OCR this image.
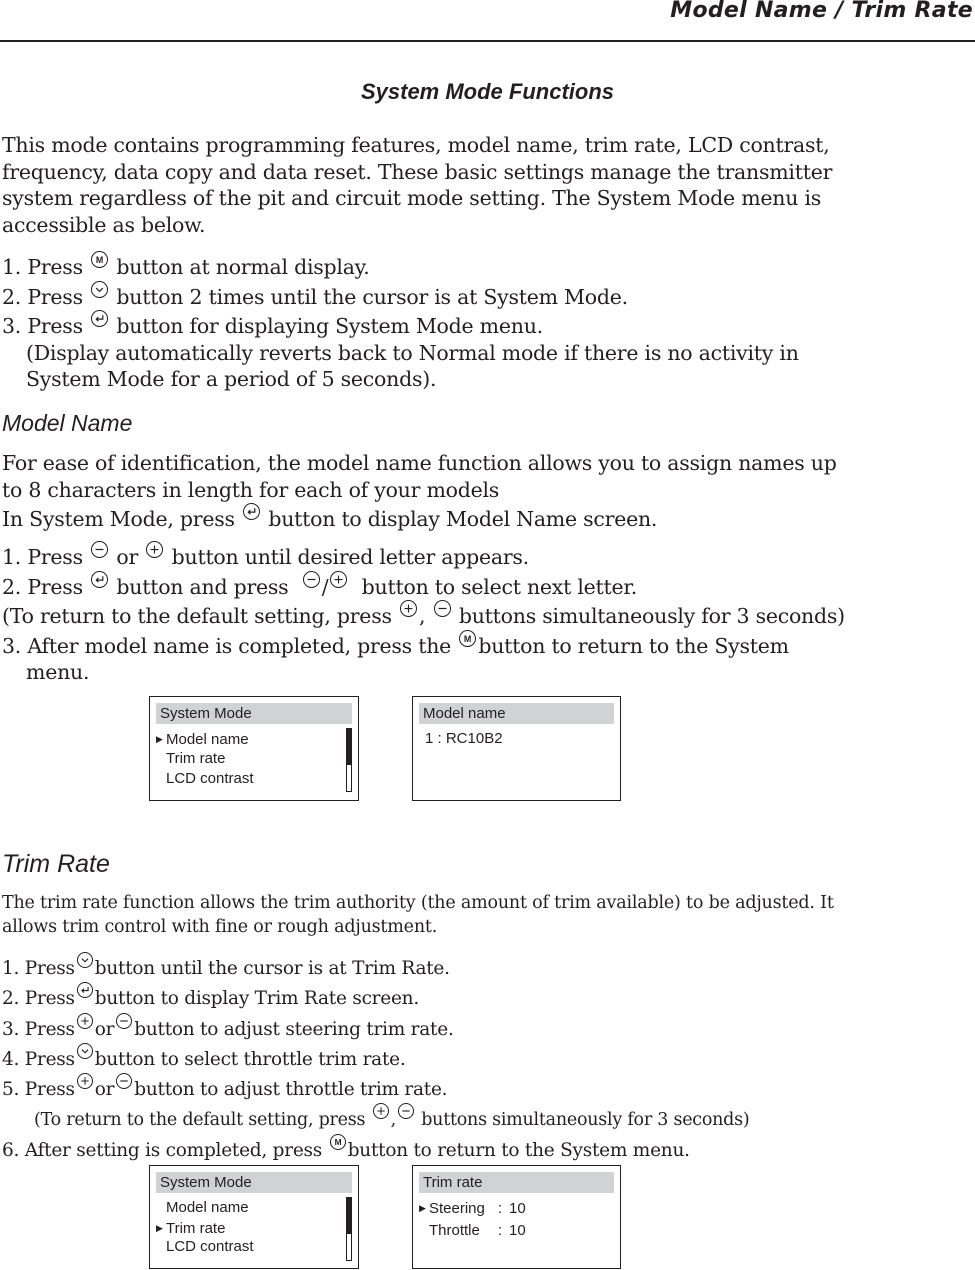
Model Name / Trim Rate
System Mode Functions
This mode contains programming features, model name, trim rate, LCD contrast,
frequency, data copy and data reset. These basic settings manage the transmitter
system regardless of the pit and circuit mode setting. The System Mode menu is
accessible as below.
1. Press button at normal display.
2. Press button 2 times until the cursor is at System Mode.
3. Press button for displaying System Mode menu.
(Display automatically reverts back to Normal mode if there is no activity in
System Mode for a period of 5 seconds).
Model Name
For ease of identification, the model name function allows you to assign names up
to 8 characters in length for each of your models
In System Mode, press button to display Model Name screen.
1. Press or button until desired letter appears.
2. Press button and press / button to select next letter.
(To return to the default setting, press , buttons simultaneously for 3 seconds)
3. After model name is completed, press the button to return to the System
menu.
System Mode
▶ Model name
Trim rate
LCD contrast
Model name
1 : RC10B2
Trim Rate
The trim rate function allows the trim authority (the amount of trim available) to be adjusted. It
allows trim control with fine or rough adjustment.
1. Press button until the cursor is at Trim Rate.
2. Press button to display Trim Rate screen.
3. Press or button to adjust steering trim rate.
4. Press button to select throttle trim rate.
5. Press or button to adjust throttle trim rate.
(To return to the default setting, press , buttons simultaneously for 3 seconds)
6. After setting is completed, press button to return to the System menu.
System Mode
Model name
▶ Trim rate
LCD contrast
Trim rate
▶ Steering : 10
Throttle : 10
